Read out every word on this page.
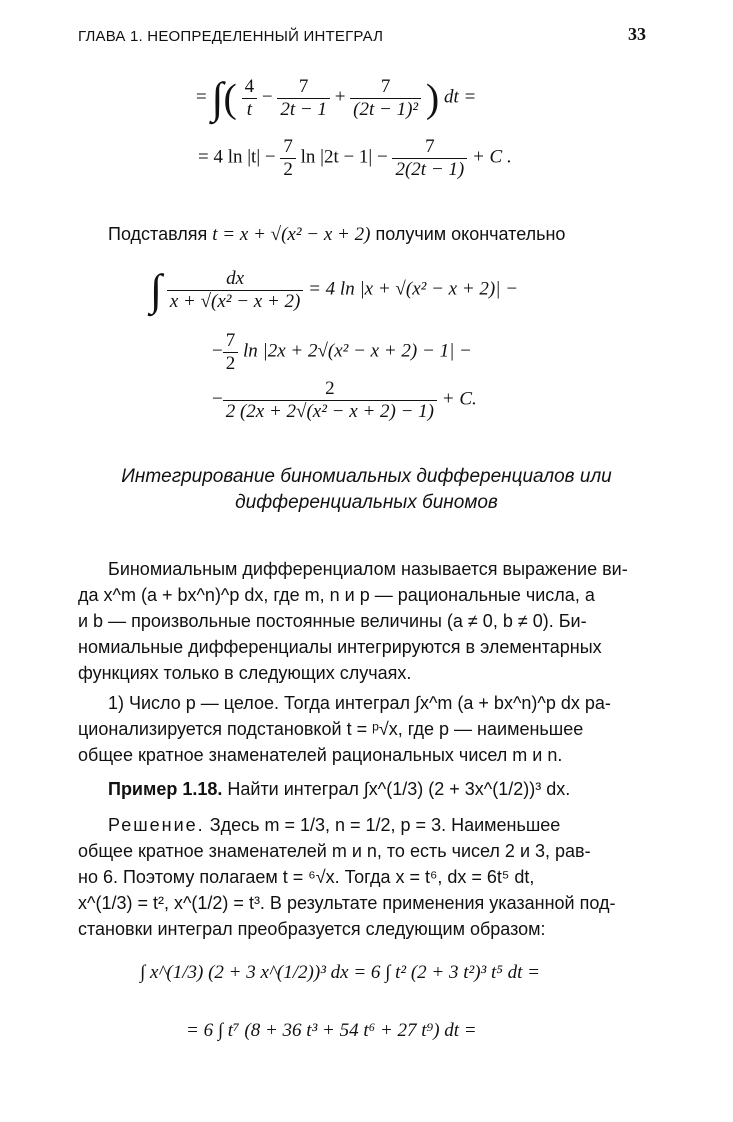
ГЛАВА 1. НЕОПРЕДЕЛЕННЫЙ ИНТЕГРАЛ	33
= ∫( $\frac{4}{t} - \frac{7}{2t - 1} + \frac{7}{\text{(2t − 1)²}}$ ) dt =
= 4 $\ln |t| - \frac{7}{2}$ $\ln |2t - 1| - \frac{7}{2(2t - 1)} + C$ .
Подставляя t = x + √(x² − x + 2) получим окончательно
∫ $\frac{dx}{\text{x + √(x² − x + 2)}} = 4$ ln |x + √(x² − x + 2)| −
− $\frac{7}{2}$ ln |2x + 2√(x² − x + 2) − 1| −
− $\frac{2}{\text{2 (2x + 2√(x² − x + 2) − 1)}} + C$.
Интегрирование биномиальных дифференциалов или
дифференциальных биномов
Биномиальным дифференциалом называется выражение ви-
да x^m (a + bx^n)^p dx, где m, n и p — рациональные числа, a
и b — произвольные постоянные величины (a ≠ 0, b ≠ 0). Би-
номиальные дифференциалы интегрируются в элементарных
функциях только в следующих случаях.
1) Число p — целое. Тогда интеграл ∫x^m (a + bx^n)^p dx ра-
ционализируется подстановкой t = ᵖ√x, где p — наименьшее
общее кратное знаменателей рациональных чисел m и n.
Пример 1.18. Найти интеграл ∫x^(1/3) (2 + 3x^(1/2))³ dx.
Решение. Здесь m = 1/3, n = 1/2, p = 3. Наименьшее
общее кратное знаменателей m и n, то есть чисел 2 и 3, рав-
но 6. Поэтому полагаем t = ⁶√x. Тогда x = t⁶, dx = 6t⁵ dt,
x^(1/3) = t², x^(1/2) = t³. В результате применения указанной под-
становки интеграл преобразуется следующим образом:
∫ x^(1/3) (2 + 3 x^(1/2))³ dx = 6 ∫ t² (2 + 3 t²)³ t⁵ dt =
= 6 ∫ t⁷ (8 + 36 t³ + 54 t⁶ + 27 t⁹) dt =
